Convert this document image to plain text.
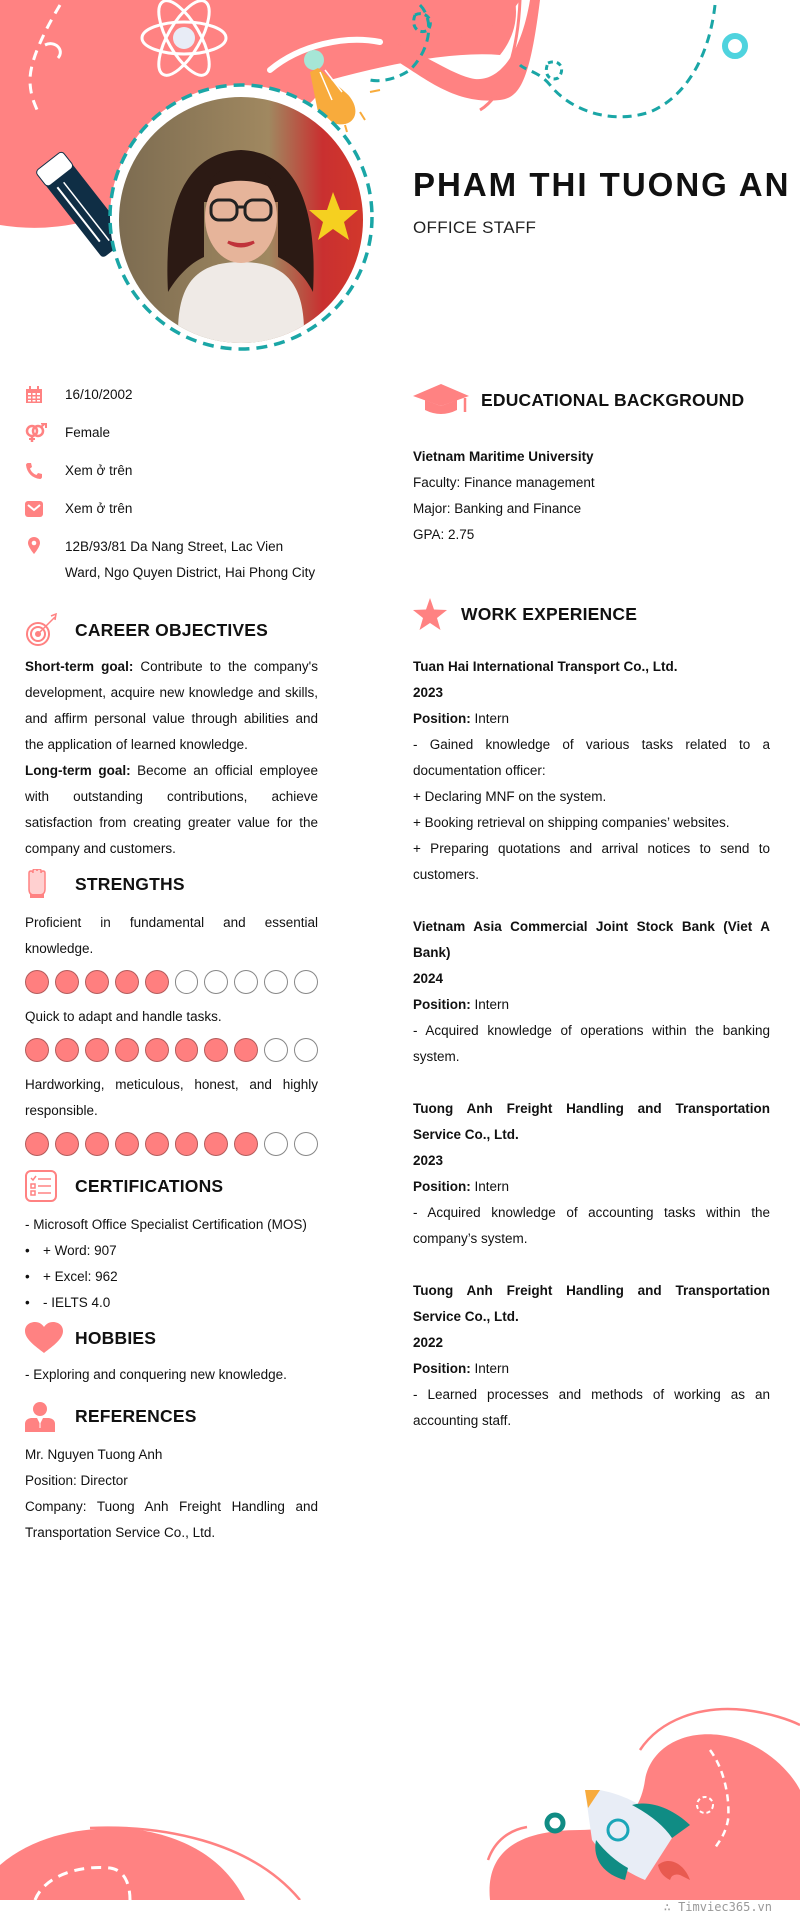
PHAM THI TUONG AN
OFFICE STAFF
16/10/2002
Female
Xem ở trên
Xem ở trên
12B/93/81 Da Nang Street, Lac Vien Ward, Ngo Quyen District, Hai Phong City
CAREER OBJECTIVES

Short-term goal: Contribute to the company's development, acquire new knowledge and skills, and affirm personal value through abilities and the application of learned knowledge.

Long-term goal: Become an official employee with outstanding contributions, achieve satisfaction from creating greater value for the company and customers.

STRENGTHS

Proficient in fundamental and essential knowledge.

Quick to adapt and handle tasks.

Hardworking, meticulous, honest, and highly responsible.

CERTIFICATIONS

- Microsoft Office Specialist Certification (MOS)

• + Word: 907
• + Excel: 962
• - IELTS 4.0
HOBBIES

- Exploring and conquering new knowledge.

REFERENCES

Mr. Nguyen Tuong Anh

Position: Director

Company: Tuong Anh Freight Handling and Transportation Service Co., Ltd.

EDUCATIONAL BACKGROUND

Vietnam Maritime University

Faculty: Finance management

Major: Banking and Finance

GPA: 2.75

WORK EXPERIENCE

Tuan Hai International Transport Co., Ltd.

2023

Position: Intern

- Gained knowledge of various tasks related to a documentation officer:

+ Declaring MNF on the system.

+ Booking retrieval on shipping companies’ websites.

+ Preparing quotations and arrival notices to send to customers.

Vietnam Asia Commercial Joint Stock Bank (Viet A Bank)

2024

Position: Intern

- Acquired knowledge of operations within the banking system.

Tuong Anh Freight Handling and Transportation Service Co., Ltd.

2023

Position: Intern

- Acquired knowledge of accounting tasks within the company’s system.

Tuong Anh Freight Handling and Transportation Service Co., Ltd.

2022

Position: Intern

- Learned processes and methods of working as an accounting staff.

∴ Timviec365.vn
